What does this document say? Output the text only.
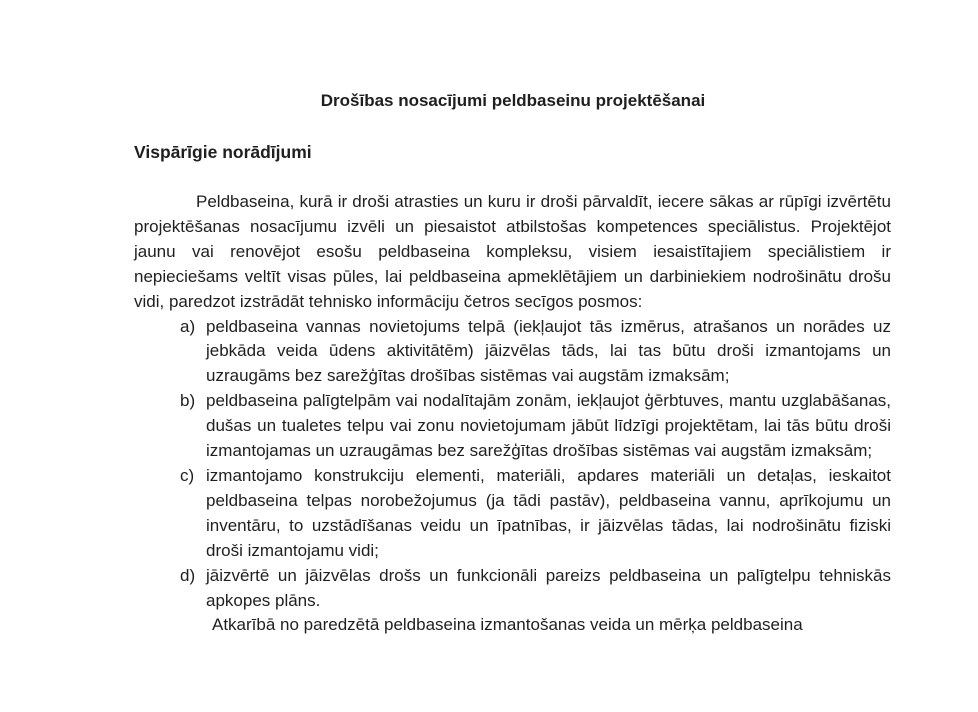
Drošības nosacījumi peldbaseinu projektēšanai
Vispārīgie norādījumi

Peldbaseina, kurā ir droši atrasties un kuru ir droši pārvaldīt, iecere sākas ar rūpīgi izvērtētu projektēšanas nosacījumu izvēli un piesaistot atbilstošas kompetences speciālistus. Projektējot jaunu vai renovējot esošu peldbaseina kompleksu, visiem iesaistītajiem speciālistiem ir nepieciešams veltīt visas pūles, lai peldbaseina apmeklētājiem un darbiniekiem nodrošinātu drošu vidi, paredzot izstrādāt tehnisko informāciju četros secīgos posmos:

a) peldbaseina vannas novietojums telpā (iekļaujot tās izmērus, atrašanos un norādes uz jebkāda veida ūdens aktivitātēm) jāizvēlas tāds, lai tas būtu droši izmantojams un uzraugāms bez sarežģītas drošības sistēmas vai augstām izmaksām;
b) peldbaseina palīgtelpām vai nodalītajām zonām, iekļaujot ģērbtuves, mantu uzglabāšanas, dušas un tualetes telpu vai zonu novietojumam jābūt līdzīgi projektētam, lai tās būtu droši izmantojamas un uzraugāmas bez sarežģītas drošības sistēmas vai augstām izmaksām;
c) izmantojamo konstrukciju elementi, materiāli, apdares materiāli un detaļas, ieskaitot peldbaseina telpas norobežojumus (ja tādi pastāv), peldbaseina vannu, aprīkojumu un inventāru, to uzstādīšanas veidu un īpatnības, ir jāizvēlas tādas, lai nodrošinātu fiziski droši izmantojamu vidi;
d) jāizvērtē un jāizvēlas drošs un funkcionāli pareizs peldbaseina un palīgtelpu tehniskās apkopes plāns.

Atkarībā no paredzētā peldbaseina izmantošanas veida un mērķa peldbaseina
